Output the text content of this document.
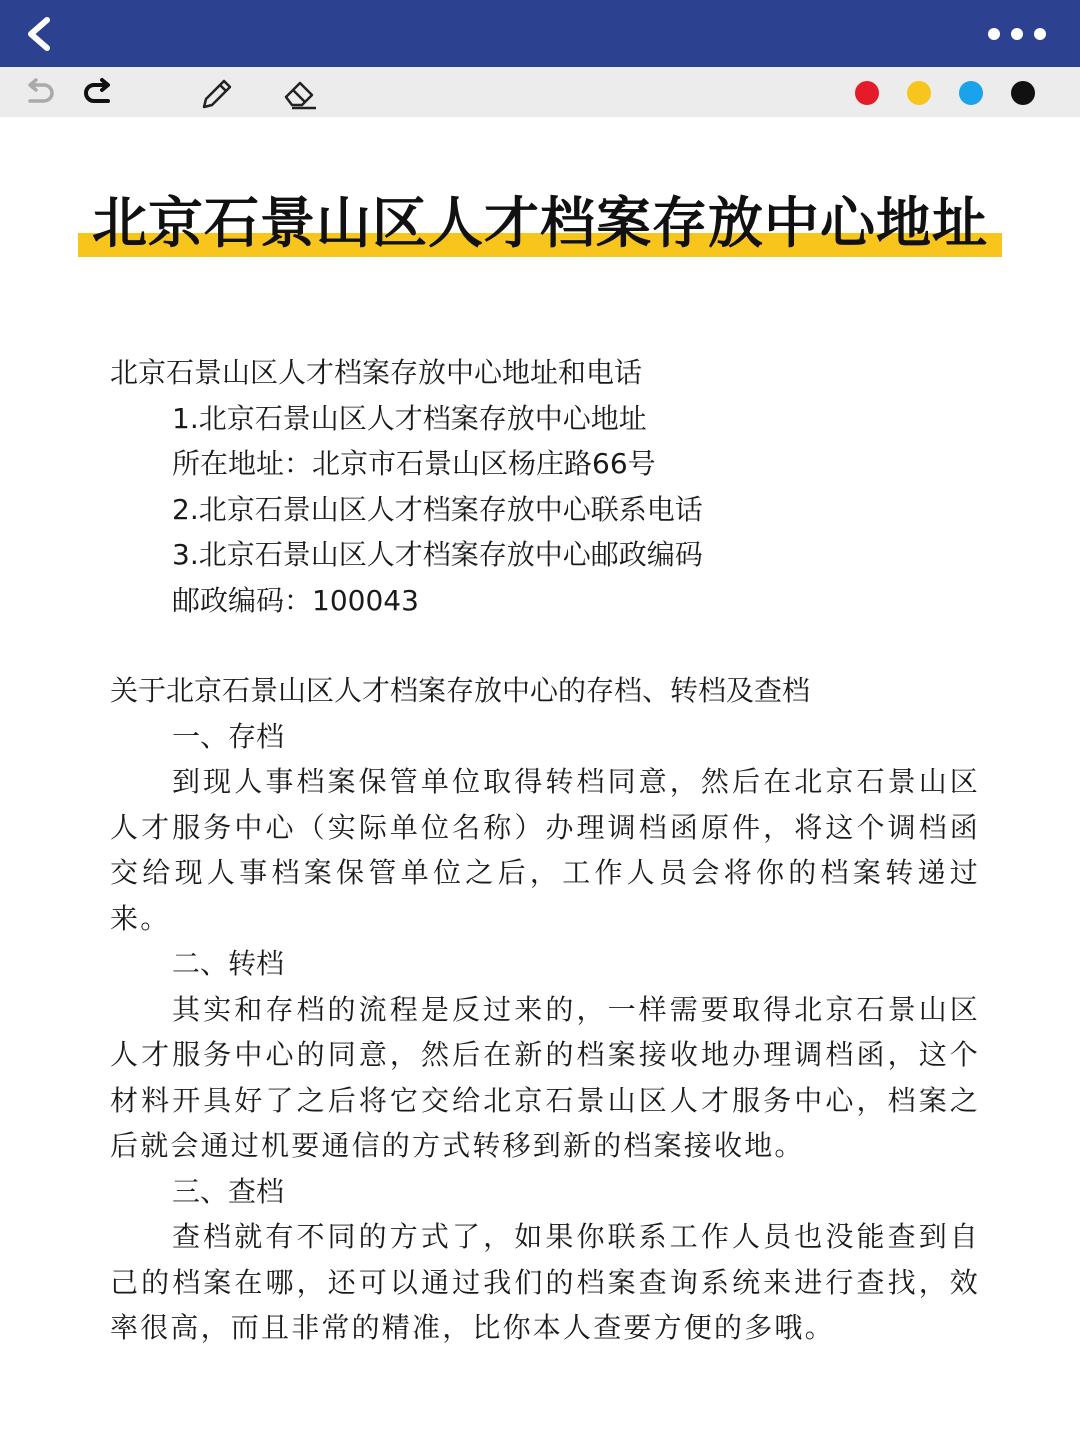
北京石景山区人才档案存放中心地址

北京石景山区人才档案存放中心地址和电话

1.北京石景山区人才档案存放中心地址

所在地址：北京市石景山区杨庄路66号

2.北京石景山区人才档案存放中心联系电话

3.北京石景山区人才档案存放中心邮政编码

邮政编码：100043

关于北京石景山区人才档案存放中心的存档、转档及查档

一、存档

到现人事档案保管单位取得转档同意，然后在北京石景山区人才服务中心（实际单位名称）办理调档函原件，将这个调档函交给现人事档案保管单位之后，工作人员会将你的档案转递过来。

二、转档

其实和存档的流程是反过来的，一样需要取得北京石景山区人才服务中心的同意，然后在新的档案接收地办理调档函，这个材料开具好了之后将它交给北京石景山区人才服务中心，档案之后就会通过机要通信的方式转移到新的档案接收地。

三、查档

查档就有不同的方式了，如果你联系工作人员也没能查到自己的档案在哪，还可以通过我们的档案查询系统来进行查找，效率很高，而且非常的精准，比你本人查要方便的多哦。
